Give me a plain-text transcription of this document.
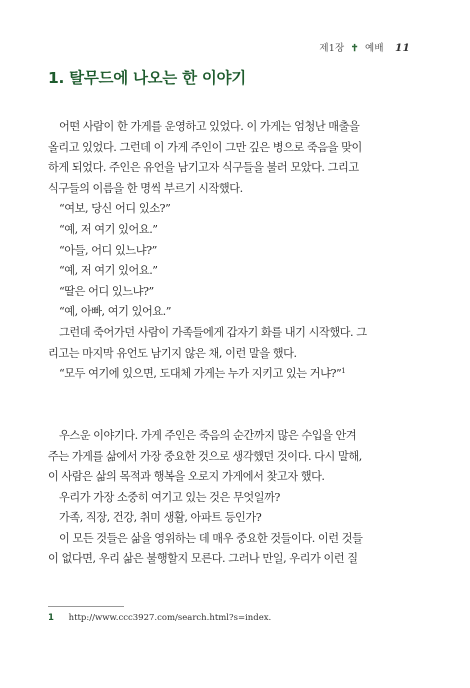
제1장 ✝ 예배 11
1. 탈무드에 나오는 한 이야기

어떤 사람이 한 가게를 운영하고 있었다. 이 가게는 엄청난 매출을

올리고 있었다. 그런데 이 가게 주인이 그만 깊은 병으로 죽음을 맞이

하게 되었다. 주인은 유언을 남기고자 식구들을 불러 모았다. 그리고

식구들의 이름을 한 명씩 부르기 시작했다.

“여보, 당신 어디 있소?”

“예, 저 여기 있어요.”

“아들, 어디 있느냐?”

“예, 저 여기 있어요.”

“딸은 어디 있느냐?”

“예, 아빠, 여기 있어요.”

그런데 죽어가던 사람이 가족들에게 갑자기 화를 내기 시작했다. 그

리고는 마지막 유언도 남기지 않은 채, 이런 말을 했다.

“모두 여기에 있으면, 도대체 가게는 누가 지키고 있는 거냐?”$^1$

우스운 이야기다. 가게 주인은 죽음의 순간까지 많은 수입을 안겨

주는 가게를 삶에서 가장 중요한 것으로 생각했던 것이다. 다시 말해,

이 사람은 삶의 목적과 행복을 오로지 가게에서 찾고자 했다.

우리가 가장 소중히 여기고 있는 것은 무엇일까?

가족, 직장, 건강, 취미 생활, 아파트 등인가?

이 모든 것들은 삶을 영위하는 데 매우 중요한 것들이다. 이런 것들

이 없다면, 우리 삶은 불행할지 모른다. 그러나 만일, 우리가 이런 질

1 http://www.ccc3927.com/search.html?s=index.
